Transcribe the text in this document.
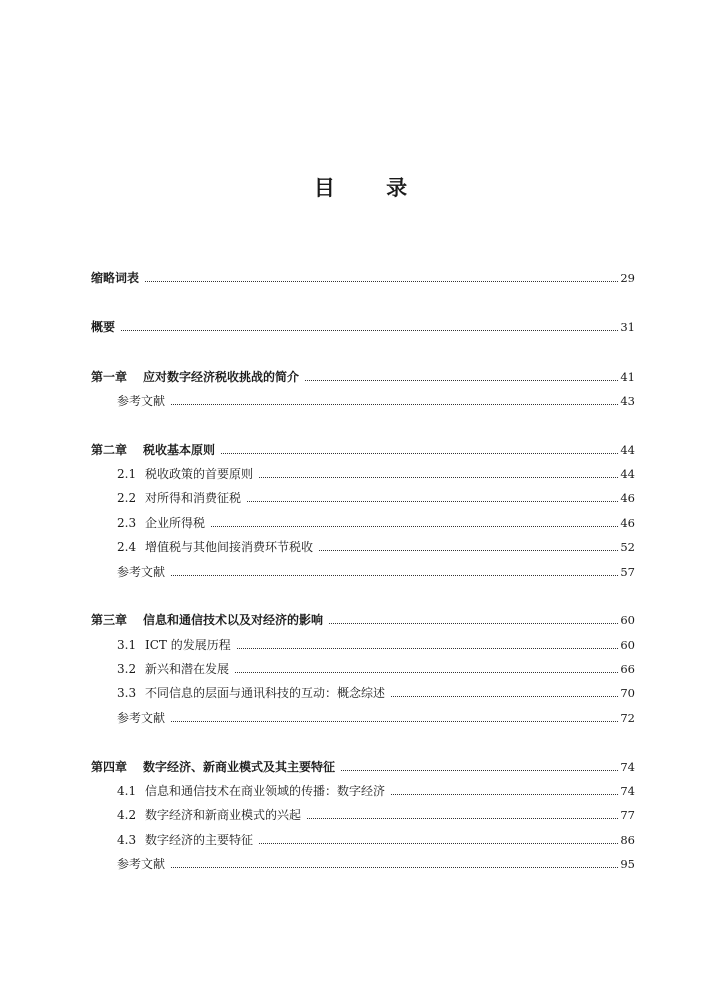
目 录
缩略词表	29
概要	31
第一章	应对数字经济税收挑战的简介	41
参考文献	43
第二章	税收基本原则	44
2.1 税收政策的首要原则	44
2.2 对所得和消费征税	46
2.3 企业所得税	46
2.4 增值税与其他间接消费环节税收	52
参考文献	57
第三章	信息和通信技术以及对经济的影响	60
3.1 ICT 的发展历程	60
3.2 新兴和潜在发展	66
3.3 不同信息的层面与通讯科技的互动：概念综述	70
参考文献	72
第四章	数字经济、新商业模式及其主要特征	74
4.1 信息和通信技术在商业领域的传播：数字经济	74
4.2 数字经济和新商业模式的兴起	77
4.3 数字经济的主要特征	86
参考文献	95
